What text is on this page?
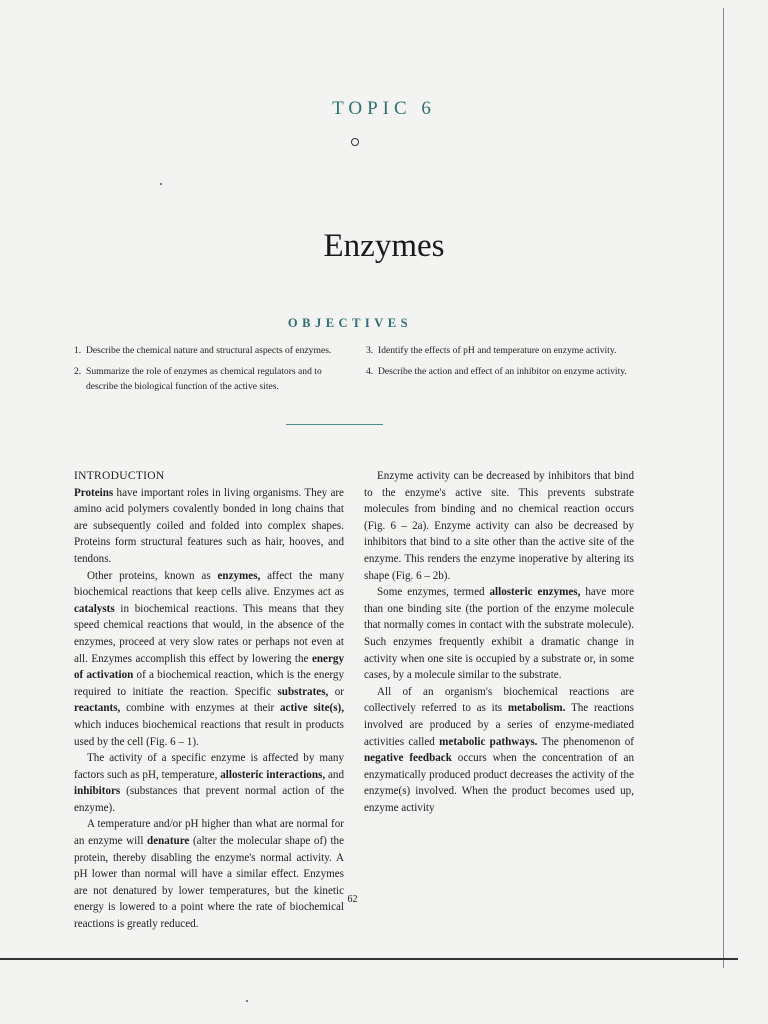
TOPIC 6
Enzymes
OBJECTIVES
1. Describe the chemical nature and structural aspects of enzymes.	3. Identify the effects of pH and temperature on enzyme activity.
2. Summarize the role of enzymes as chemical regulators and to describe the biological function of the active sites.
4. Describe the action and effect of an inhibitor on enzyme activity.
INTRODUCTION

Proteins have important roles in living organisms. They are amino acid polymers covalently bonded in long chains that are subsequently coiled and folded into complex shapes. Proteins form structural features such as hair, hooves, and tendons.

Other proteins, known as enzymes, affect the many biochemical reactions that keep cells alive. Enzymes act as catalysts in biochemical reactions. This means that they speed chemical reactions that would, in the absence of the enzymes, proceed at very slow rates or perhaps not even at all. Enzymes accomplish this effect by lowering the energy of activation of a biochemical reaction, which is the energy required to initiate the reaction. Specific substrates, or reactants, combine with enzymes at their active site(s), which induces biochemical reactions that result in products used by the cell (Fig. 6 – 1).

The activity of a specific enzyme is affected by many factors such as pH, temperature, allosteric interactions, and inhibitors (substances that prevent normal action of the enzyme).

A temperature and/or pH higher than what are normal for an enzyme will denature (alter the molecular shape of) the protein, thereby disabling the enzyme's normal activity. A pH lower than normal will have a similar effect. Enzymes are not denatured by lower temperatures, but the kinetic energy is lowered to a point where the rate of biochemical reactions is greatly reduced.

Enzyme activity can be decreased by inhibitors that bind to the enzyme's active site. This prevents substrate molecules from binding and no chemical reaction occurs (Fig. 6 – 2a). Enzyme activity can also be decreased by inhibitors that bind to a site other than the active site of the enzyme. This renders the enzyme inoperative by altering its shape (Fig. 6 – 2b).

Some enzymes, termed allosteric enzymes, have more than one binding site (the portion of the enzyme molecule that normally comes in contact with the substrate molecule). Such enzymes frequently exhibit a dramatic change in activity when one site is occupied by a substrate or, in some cases, by a molecule similar to the substrate.

All of an organism's biochemical reactions are collectively referred to as its metabolism. The reactions involved are produced by a series of enzyme-mediated activities called metabolic pathways. The phenomenon of negative feedback occurs when the concentration of an enzymatically produced product decreases the activity of the enzyme(s) involved. When the product becomes used up, enzyme activity

62
